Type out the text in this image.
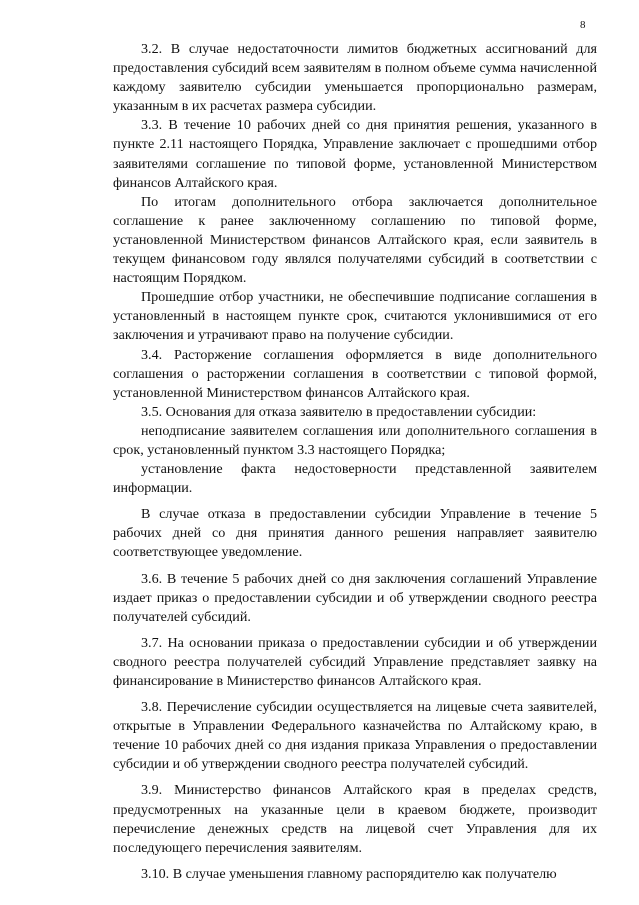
8

3.2. В случае недостаточности лимитов бюджетных ассигнований для предоставления субсидий всем заявителям в полном объеме сумма начисленной каждому заявителю субсидии уменьшается пропорционально размерам, указанным в их расчетах размера субсидии.

3.3. В течение 10 рабочих дней со дня принятия решения, указанного в пункте 2.11 настоящего Порядка, Управление заключает с прошедшими отбор заявителями соглашение по типовой форме, установленной Министерством финансов Алтайского края.

По итогам дополнительного отбора заключается дополнительное соглашение к ранее заключенному соглашению по типовой форме, установленной Министерством финансов Алтайского края, если заявитель в текущем финансовом году являлся получателями субсидий в соответствии с настоящим Порядком.

Прошедшие отбор участники, не обеспечившие подписание соглашения в установленный в настоящем пункте срок, считаются уклонившимися от его заключения и утрачивают право на получение субсидии.

3.4. Расторжение соглашения оформляется в виде дополнительного соглашения о расторжении соглашения в соответствии с типовой формой, установленной Министерством финансов Алтайского края.

3.5. Основания для отказа заявителю в предоставлении субсидии:

неподписание заявителем соглашения или дополнительного соглашения в срок, установленный пунктом 3.3 настоящего Порядка;

установление факта недостоверности представленной заявителем информации.

В случае отказа в предоставлении субсидии Управление в течение 5 рабочих дней со дня принятия данного решения направляет заявителю соответствующее уведомление.

3.6. В течение 5 рабочих дней со дня заключения соглашений Управление издает приказ о предоставлении субсидии и об утверждении сводного реестра получателей субсидий.

3.7. На основании приказа о предоставлении субсидии и об утверждении сводного реестра получателей субсидий Управление представляет заявку на финансирование в Министерство финансов Алтайского края.

3.8. Перечисление субсидии осуществляется на лицевые счета заявителей, открытые в Управлении Федерального казначейства по Алтайскому краю, в течение 10 рабочих дней со дня издания приказа Управления о предоставлении субсидии и об утверждении сводного реестра получателей субсидий.

3.9. Министерство финансов Алтайского края в пределах средств, предусмотренных на указанные цели в краевом бюджете, производит перечисление денежных средств на лицевой счет Управления для их последующего перечисления заявителям.

3.10. В случае уменьшения главному распорядителю как получателю
